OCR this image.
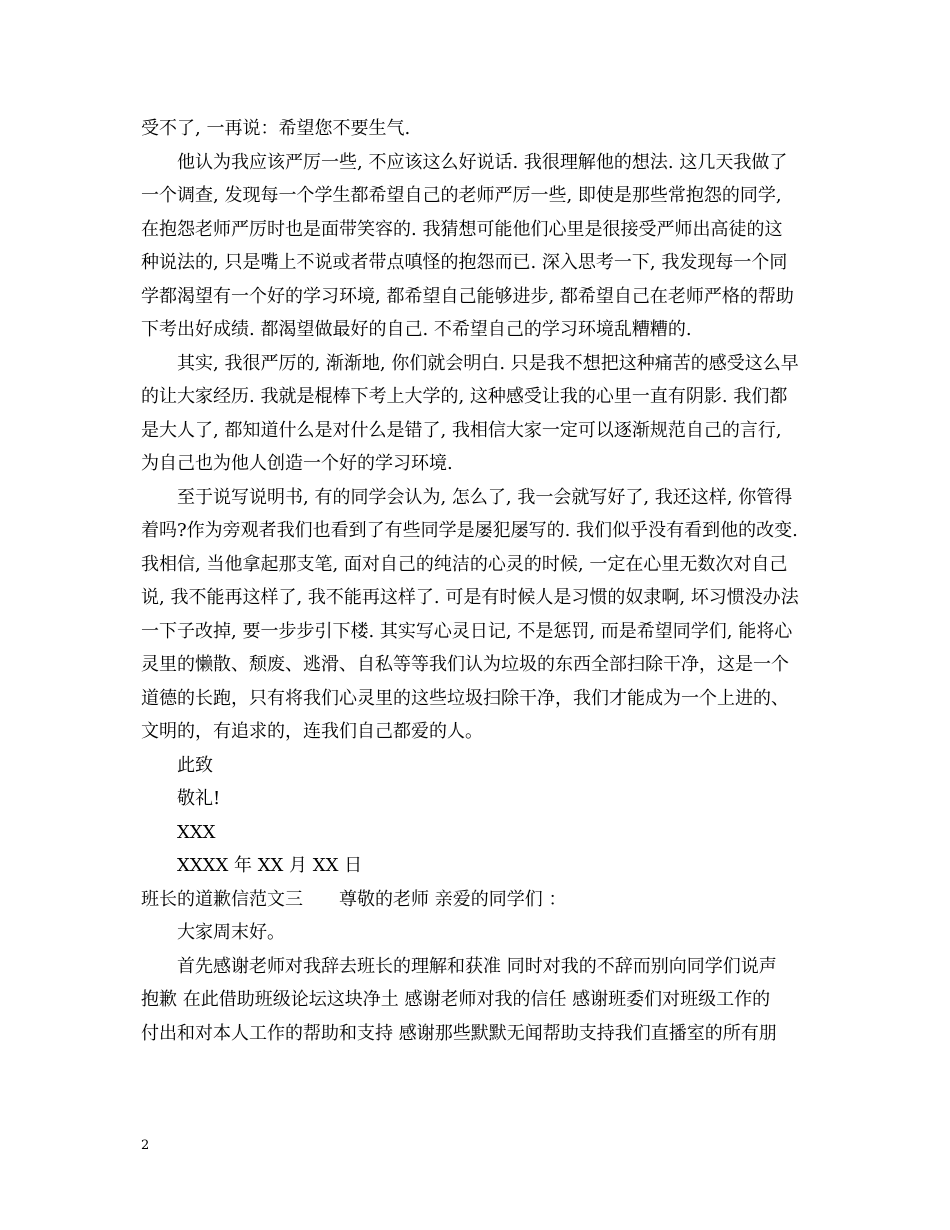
受不了, 一再说：希望您不要生气.
他认为我应该严厉一些, 不应该这么好说话. 我很理解他的想法. 这几天我做了
一个调查, 发现每一个学生都希望自己的老师严厉一些, 即使是那些常抱怨的同学,
在抱怨老师严厉时也是面带笑容的. 我猜想可能他们心里是很接受严师出高徒的这
种说法的, 只是嘴上不说或者带点嗔怪的抱怨而已. 深入思考一下, 我发现每一个同
学都渴望有一个好的学习环境, 都希望自己能够进步, 都希望自己在老师严格的帮助
下考出好成绩. 都渴望做最好的自己. 不希望自己的学习环境乱糟糟的.
其实, 我很严厉的, 渐渐地, 你们就会明白. 只是我不想把这种痛苦的感受这么早
的让大家经历. 我就是棍棒下考上大学的, 这种感受让我的心里一直有阴影. 我们都
是大人了, 都知道什么是对什么是错了, 我相信大家一定可以逐渐规范自己的言行,
为自己也为他人创造一个好的学习环境.
至于说写说明书, 有的同学会认为, 怎么了, 我一会就写好了, 我还这样, 你管得
着吗?作为旁观者我们也看到了有些同学是屡犯屡写的. 我们似乎没有看到他的改变.
我相信, 当他拿起那支笔, 面对自己的纯洁的心灵的时候, 一定在心里无数次对自己
说, 我不能再这样了, 我不能再这样了. 可是有时候人是习惯的奴隶啊, 坏习惯没办法
一下子改掉, 要一步步引下楼. 其实写心灵日记, 不是惩罚, 而是希望同学们, 能将心
灵里的懒散、颓废、逃滑、自私等等我们认为垃圾的东西全部扫除干净，这是一个
道德的长跑，只有将我们心灵里的这些垃圾扫除干净，我们才能成为一个上进的、
文明的，有追求的，连我们自己都爱的人。
此致
敬礼!
XXX
XXXX 年 XX 月 XX 日
班长的道歉信范文三　　尊敬的老师 亲爱的同学们 ：
大家周末好。
首先感谢老师对我辞去班长的理解和获准 同时对我的不辞而别向同学们说声
抱歉 在此借助班级论坛这块净土 感谢老师对我的信任 感谢班委们对班级工作的
付出和对本人工作的帮助和支持 感谢那些默默无闻帮助支持我们直播室的所有朋
2
